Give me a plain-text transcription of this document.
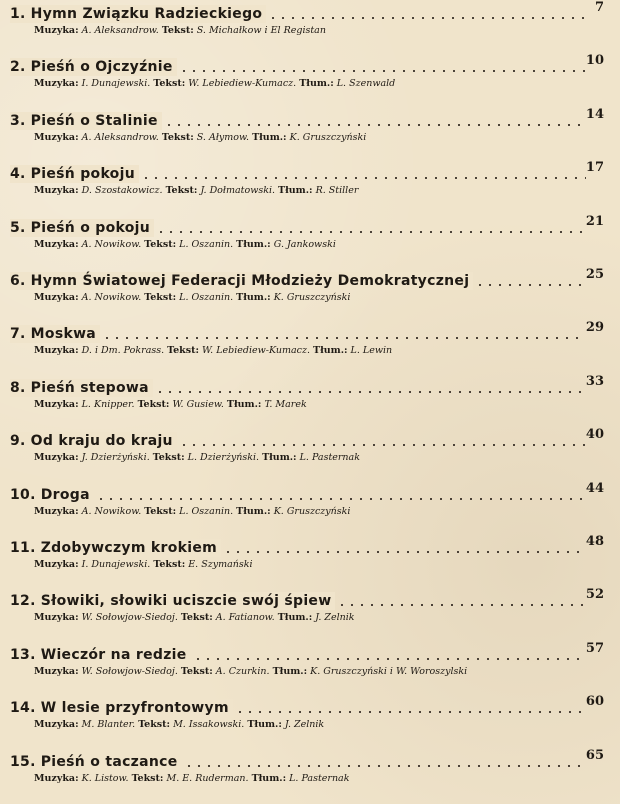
1. Hymn Związku Radzieckiego	7
Muzyka: A. Aleksandrow. Tekst: S. Michałkow i El Registan
2. Pieśń o Ojczyźnie	10
Muzyka: I. Dunajewski. Tekst: W. Lebiediew-Kumacz. Tłum.: L. Szenwald
3. Pieśń o Stalinie	14
Muzyka: A. Aleksandrow. Tekst: S. Ałymow. Tłum.: K. Gruszczyński
4. Pieśń pokoju	17
Muzyka: D. Szostakowicz. Tekst: J. Dołmatowski. Tłum.: R. Stiller
5. Pieśń o pokoju	21
Muzyka: A. Nowikow. Tekst: L. Oszanin. Tłum.: G. Jankowski
6. Hymn Światowej Federacji Młodzieży Demokratycznej	25
Muzyka: A. Nowikow. Tekst: L. Oszanin. Tłum.: K. Gruszczyński
7. Moskwa	29
Muzyka: D. i Dm. Pokrass. Tekst: W. Lebiediew-Kumacz. Tłum.: L. Lewin
8. Pieśń stepowa	33
Muzyka: L. Knipper. Tekst: W. Gusiew. Tłum.: T. Marek
9. Od kraju do kraju	40
Muzyka: J. Dzierżyński. Tekst: L. Dzierżyński. Tłum.: L. Pasternak
10. Droga	44
Muzyka: A. Nowikow. Tekst: L. Oszanin. Tłum.: K. Gruszczyński
11. Zdobywczym krokiem	48
Muzyka: I. Dunajewski. Tekst: E. Szymański
12. Słowiki, słowiki uciszcie swój śpiew	52
Muzyka: W. Sołowjow-Siedoj. Tekst: A. Fatianow. Tłum.: J. Zelnik
13. Wieczór na redzie	57
Muzyka: W. Sołowjow-Siedoj. Tekst: A. Czurkin. Tłum.: K. Gruszczyński i W. Woroszylski
14. W lesie przyfrontowym	60
Muzyka: M. Blanter. Tekst: M. Issakowski. Tłum.: J. Zelnik
15. Pieśń o taczance	65
Muzyka: K. Listow. Tekst: M. E. Ruderman. Tłum.: L. Pasternak
